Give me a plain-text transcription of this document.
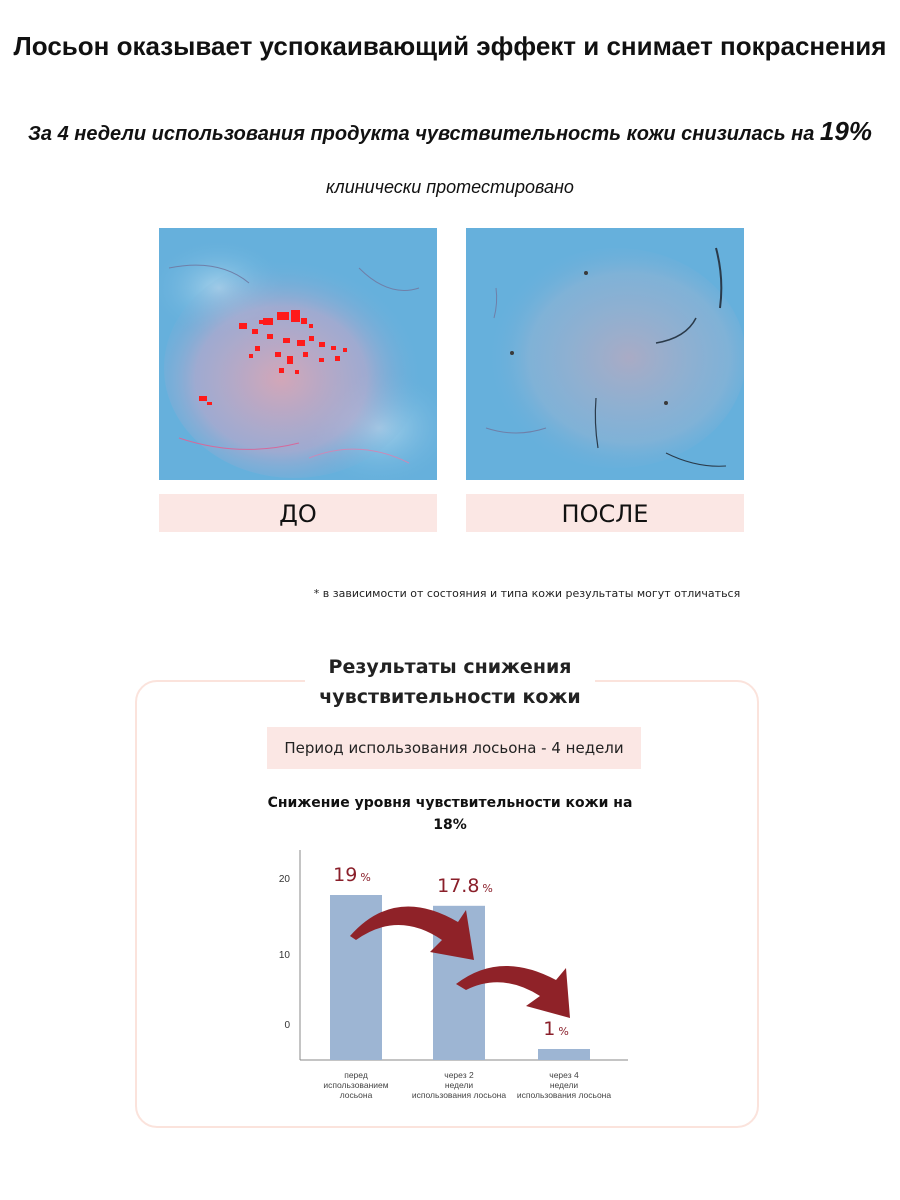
Лосьон оказывает успокаивающий эффект и снимает покраснения
За 4 недели использования продукта чувствительность кожи снизилась на 19%
клинически протестировано
ДО	ПОСЛЕ
* в зависимости от состояния и типа кожи результаты могут отличаться
Результаты снижения чувствительности кожи
Период использования лосьона - 4 недели
Снижение уровня чувствительности кожи на 18%
20
10
0
19 %
перед использованием лосьона
17.8 %
через 2 недели использования лосьона
1 %
через 4 недели использования лосьона
